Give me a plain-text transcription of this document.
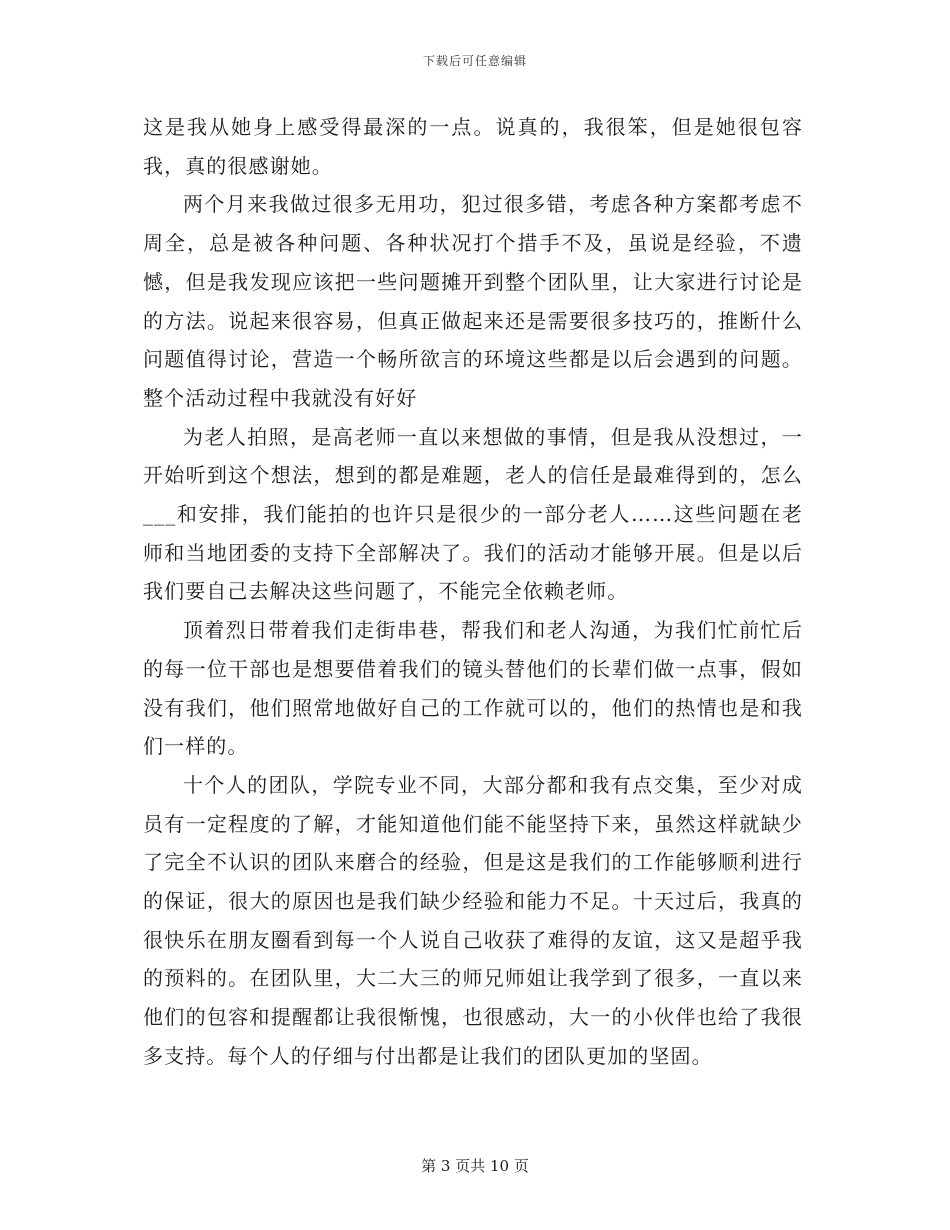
下载后可任意编辑

这是我从她身上感受得最深的一点。说真的，我很笨，但是她很包容我，真的很感谢她。

两个月来我做过很多无用功，犯过很多错，考虑各种方案都考虑不周全，总是被各种问题、各种状况打个措手不及，虽说是经验，不遗憾，但是我发现应该把一些问题摊开到整个团队里，让大家进行讨论是的方法。说起来很容易，但真正做起来还是需要很多技巧的，推断什么问题值得讨论，营造一个畅所欲言的环境这些都是以后会遇到的问题。整个活动过程中我就没有好好

为老人拍照，是高老师一直以来想做的事情，但是我从没想过，一开始听到这个想法，想到的都是难题，老人的信任是最难得到的，怎么___和安排，我们能拍的也许只是很少的一部分老人……这些问题在老师和当地团委的支持下全部解决了。我们的活动才能够开展。但是以后我们要自己去解决这些问题了，不能完全依赖老师。

顶着烈日带着我们走街串巷，帮我们和老人沟通，为我们忙前忙后的每一位干部也是想要借着我们的镜头替他们的长辈们做一点事，假如没有我们，他们照常地做好自己的工作就可以的，他们的热情也是和我们一样的。

十个人的团队，学院专业不同，大部分都和我有点交集，至少对成员有一定程度的了解，才能知道他们能不能坚持下来，虽然这样就缺少了完全不认识的团队来磨合的经验，但是这是我们的工作能够顺利进行的保证，很大的原因也是我们缺少经验和能力不足。十天过后，我真的很快乐在朋友圈看到每一个人说自己收获了难得的友谊，这又是超乎我的预料的。在团队里，大二大三的师兄师姐让我学到了很多，一直以来他们的包容和提醒都让我很惭愧，也很感动，大一的小伙伴也给了我很多支持。每个人的仔细与付出都是让我们的团队更加的坚固。

第 3 页共 10 页
